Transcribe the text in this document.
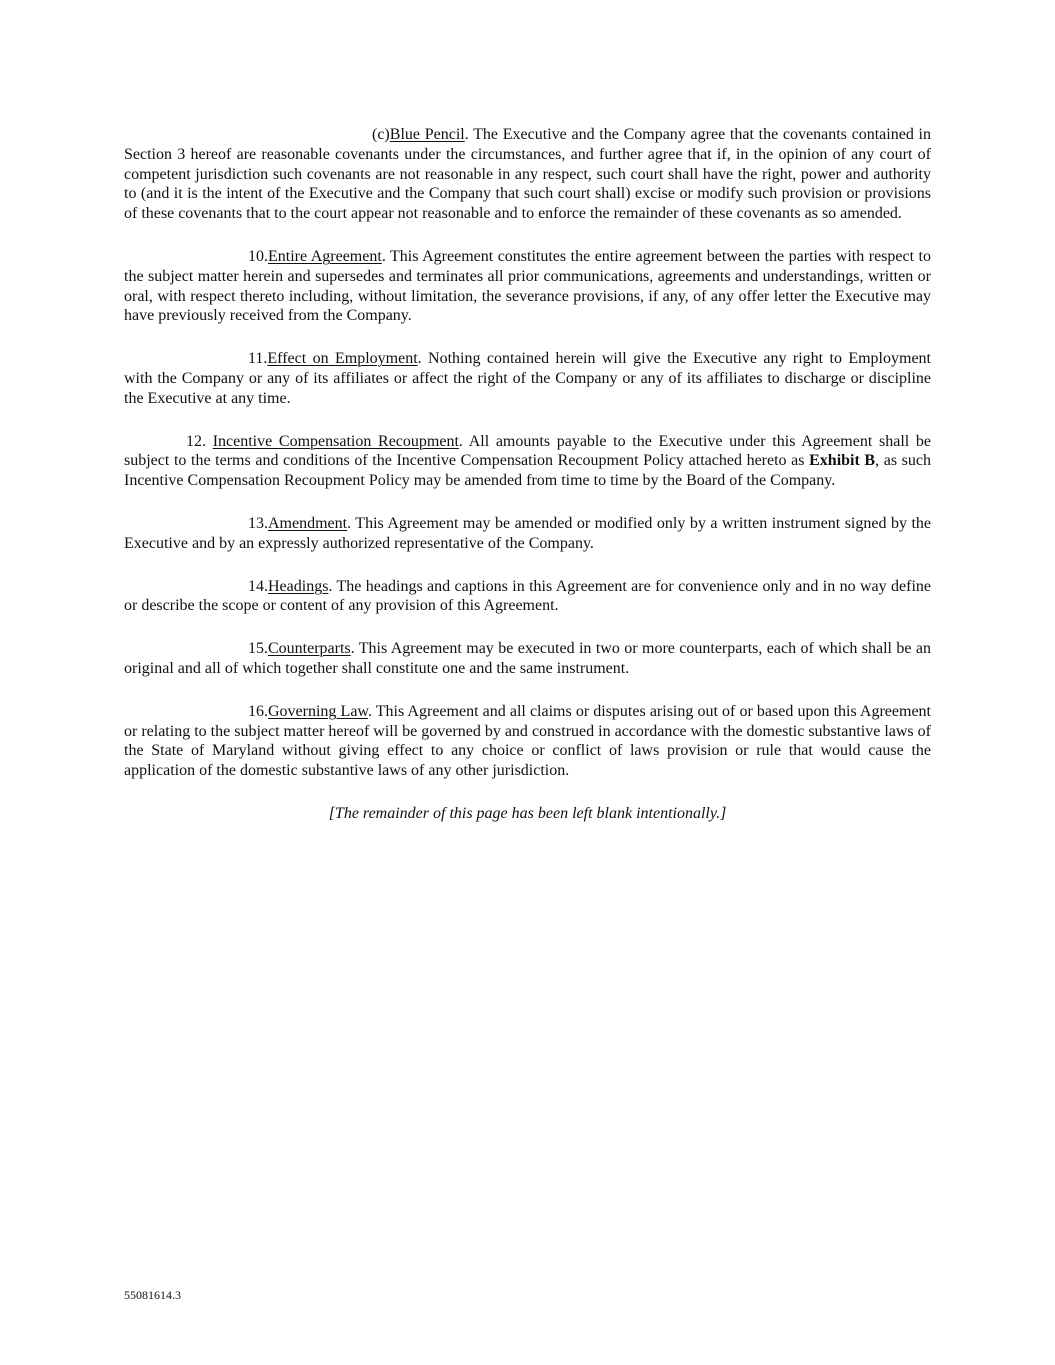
(c)Blue Pencil. The Executive and the Company agree that the covenants contained in Section 3 hereof are reasonable covenants under the circumstances, and further agree that if, in the opinion of any court of competent jurisdiction such covenants are not reasonable in any respect, such court shall have the right, power and authority to (and it is the intent of the Executive and the Company that such court shall) excise or modify such provision or provisions of these covenants that to the court appear not reasonable and to enforce the remainder of these covenants as so amended.

10.Entire Agreement. This Agreement constitutes the entire agreement between the parties with respect to the subject matter herein and supersedes and terminates all prior communications, agreements and understandings, written or oral, with respect thereto including, without limitation, the severance provisions, if any, of any offer letter the Executive may have previously received from the Company.

11.Effect on Employment. Nothing contained herein will give the Executive any right to Employment with the Company or any of its affiliates or affect the right of the Company or any of its affiliates to discharge or discipline the Executive at any time.

12. Incentive Compensation Recoupment. All amounts payable to the Executive under this Agreement shall be subject to the terms and conditions of the Incentive Compensation Recoupment Policy attached hereto as Exhibit B, as such Incentive Compensation Recoupment Policy may be amended from time to time by the Board of the Company.

13.Amendment. This Agreement may be amended or modified only by a written instrument signed by the Executive and by an expressly authorized representative of the Company.

14.Headings. The headings and captions in this Agreement are for convenience only and in no way define or describe the scope or content of any provision of this Agreement.

15.Counterparts. This Agreement may be executed in two or more counterparts, each of which shall be an original and all of which together shall constitute one and the same instrument.

16.Governing Law. This Agreement and all claims or disputes arising out of or based upon this Agreement or relating to the subject matter hereof will be governed by and construed in accordance with the domestic substantive laws of the State of Maryland without giving effect to any choice or conflict of laws provision or rule that would cause the application of the domestic substantive laws of any other jurisdiction.

[The remainder of this page has been left blank intentionally.]

55081614.3
